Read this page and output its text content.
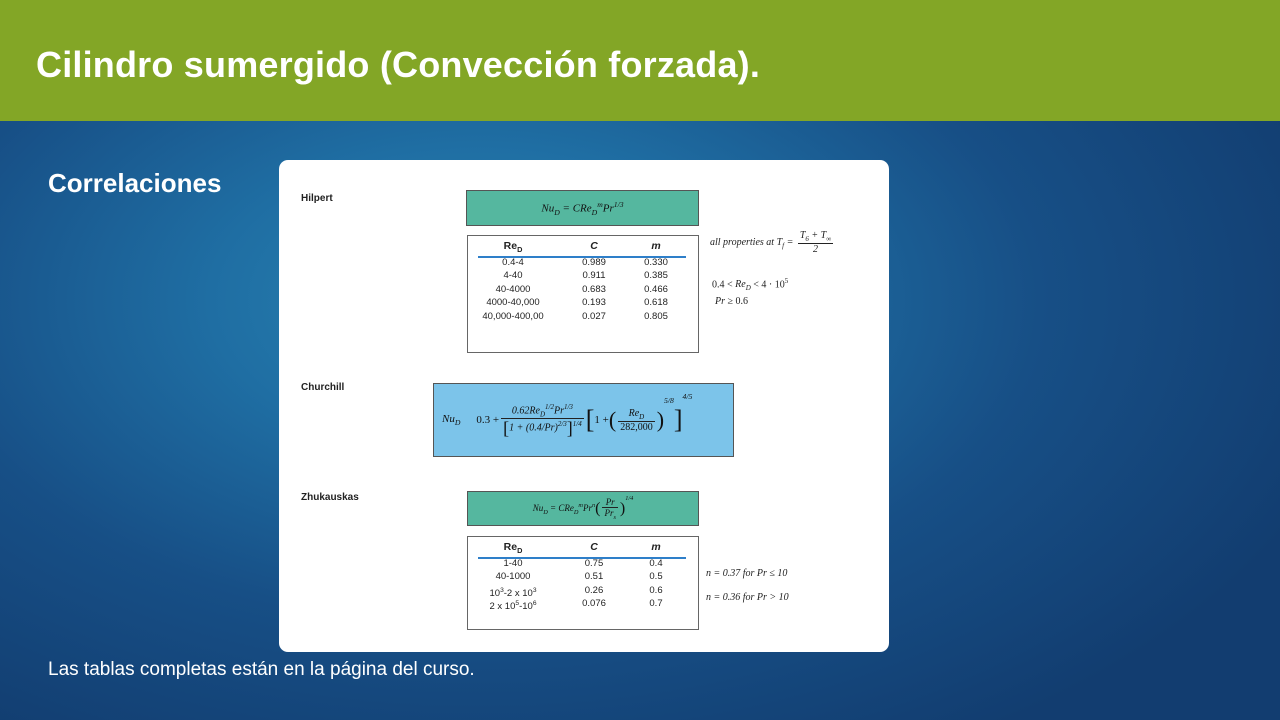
Cilindro sumergido (Convección forzada).
Correlaciones
Hilpert
$Nu_D = CRe_D^mPr^{1/3}$
$Re_D$
0.4-4
4-40
40-4000
4000-40,000
40,000-400,00
C
0.989
0.911
0.683
0.193
0.027
m
0.330
0.385
0.466
0.618
0.805
all properties at $T_f = \frac{T_6 + T_\infty}{2}$
$0.4 < Re_D < 4 \cdot 10^5$
Pr ≥ 0.6
Churchill
$Nu_D$ $0.3 + \frac{0.62Re_D^{1/2}Pr^{1/3}}{[1 + (0.4/Pr)^{2/3}]^{1/4}}$ [ 1 + ( $\frac{Re_D}{282,000}$ )
5/8
]
4/5
Zhukauskas
$Nu_D = CRe_D^mPr^n$ ( $\frac{Pr}{Pr_s}$ )
$^{1/4}$
$Re_D$
1-40
40-1000
$10^3-2$ x $10^3$
2 x $10^5-10^6$
C
0.75
0.51
0.26
0.076
m
0.4
0.5
0.6
0.7
n = 0.37 for Pr ≤ 10
n = 0.36 for Pr > 10

Las tablas completas están en la página del curso.
